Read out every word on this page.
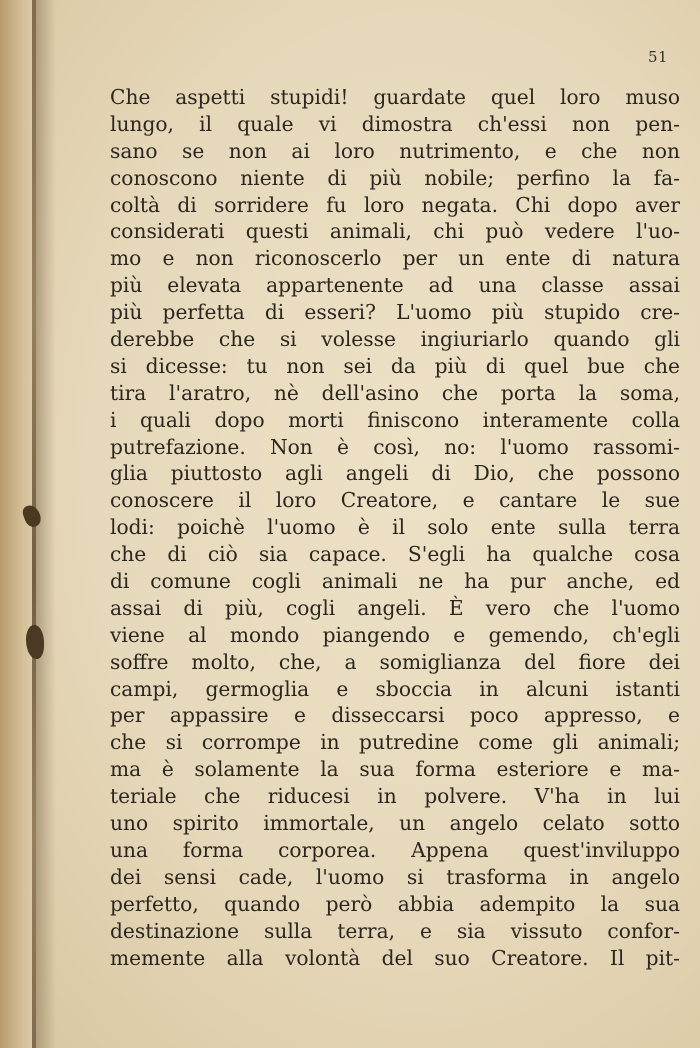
51
Che aspetti stupidi! guardate quel loro muso
lungo, il quale vi dimostra ch'essi non pen-
sano se non ai loro nutrimento, e che non
conoscono niente di più nobile; perfino la fa-
coltà di sorridere fu loro negata. Chi dopo aver
considerati questi animali, chi può vedere l'uo-
mo e non riconoscerlo per un ente di natura
più elevata appartenente ad una classe assai
più perfetta di esseri? L'uomo più stupido cre-
derebbe che si volesse ingiuriarlo quando gli
si dicesse: tu non sei da più di quel bue che
tira l'aratro, nè dell'asino che porta la soma,
i quali dopo morti finiscono interamente colla
putrefazione. Non è così, no: l'uomo rassomi-
glia piuttosto agli angeli di Dio, che possono
conoscere il loro Creatore, e cantare le sue
lodi: poichè l'uomo è il solo ente sulla terra
che di ciò sia capace. S'egli ha qualche cosa
di comune cogli animali ne ha pur anche, ed
assai di più, cogli angeli. È vero che l'uomo
viene al mondo piangendo e gemendo, ch'egli
soffre molto, che, a somiglianza del fiore dei
campi, germoglia e sboccia in alcuni istanti
per appassire e disseccarsi poco appresso, e
che si corrompe in putredine come gli animali;
ma è solamente la sua forma esteriore e ma-
teriale che riducesi in polvere. V'ha in lui
uno spirito immortale, un angelo celato sotto
una forma corporea. Appena quest'inviluppo
dei sensi cade, l'uomo si trasforma in angelo
perfetto, quando però abbia adempito la sua
destinazione sulla terra, e sia vissuto confor-
memente alla volontà del suo Creatore. Il pit-
